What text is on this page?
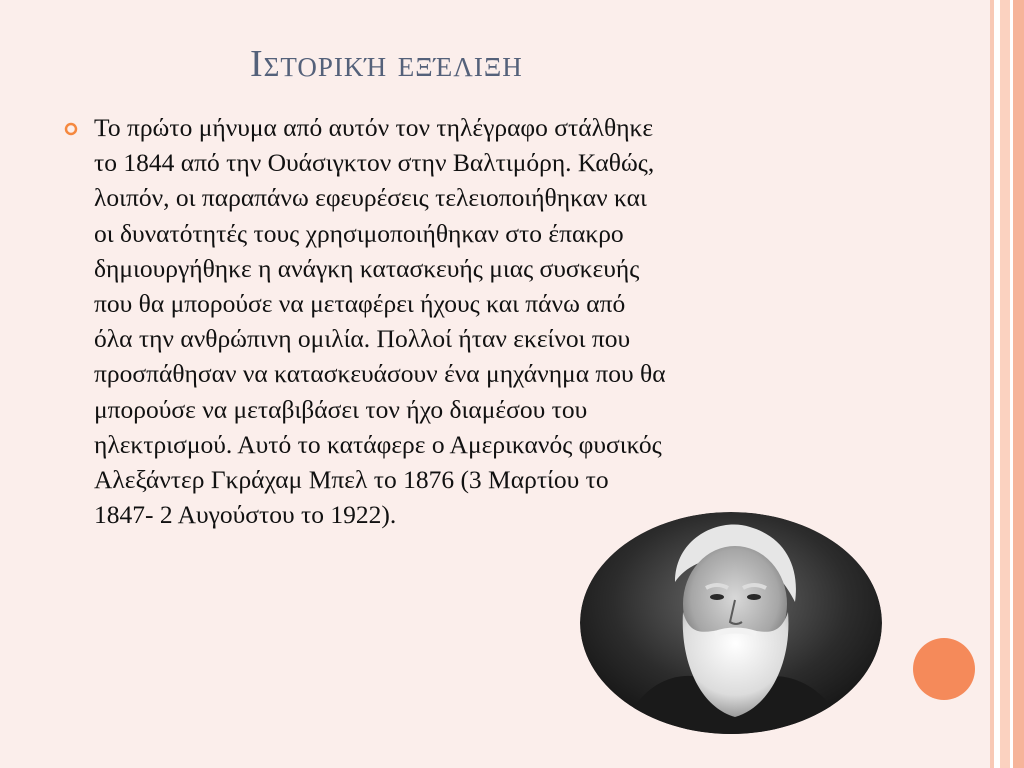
Ιστορική εξέλιξη

Το πρώτο μήνυμα από αυτόν τον τηλέγραφο στάλθηκε
το 1844 από την Ουάσιγκτον στην Βαλτιμόρη. Καθώς,
λοιπόν, οι παραπάνω εφευρέσεις τελειοποιήθηκαν και
οι δυνατότητές τους χρησιμοποιήθηκαν στο έπακρο
δημιουργήθηκε η ανάγκη κατασκευής μιας συσκευής
που θα μπορούσε να μεταφέρει ήχους και πάνω από
όλα την ανθρώπινη ομιλία. Πολλοί ήταν εκείνοι που
προσπάθησαν να κατασκευάσουν ένα μηχάνημα που θα
μπορούσε να μεταβιβάσει τον ήχο διαμέσου του
ηλεκτρισμού. Αυτό το κατάφερε ο Αμερικανός φυσικός
Αλεξάντερ Γκράχαμ Μπελ το 1876 (3 Μαρτίου το
1847- 2 Αυγούστου το 1922).
